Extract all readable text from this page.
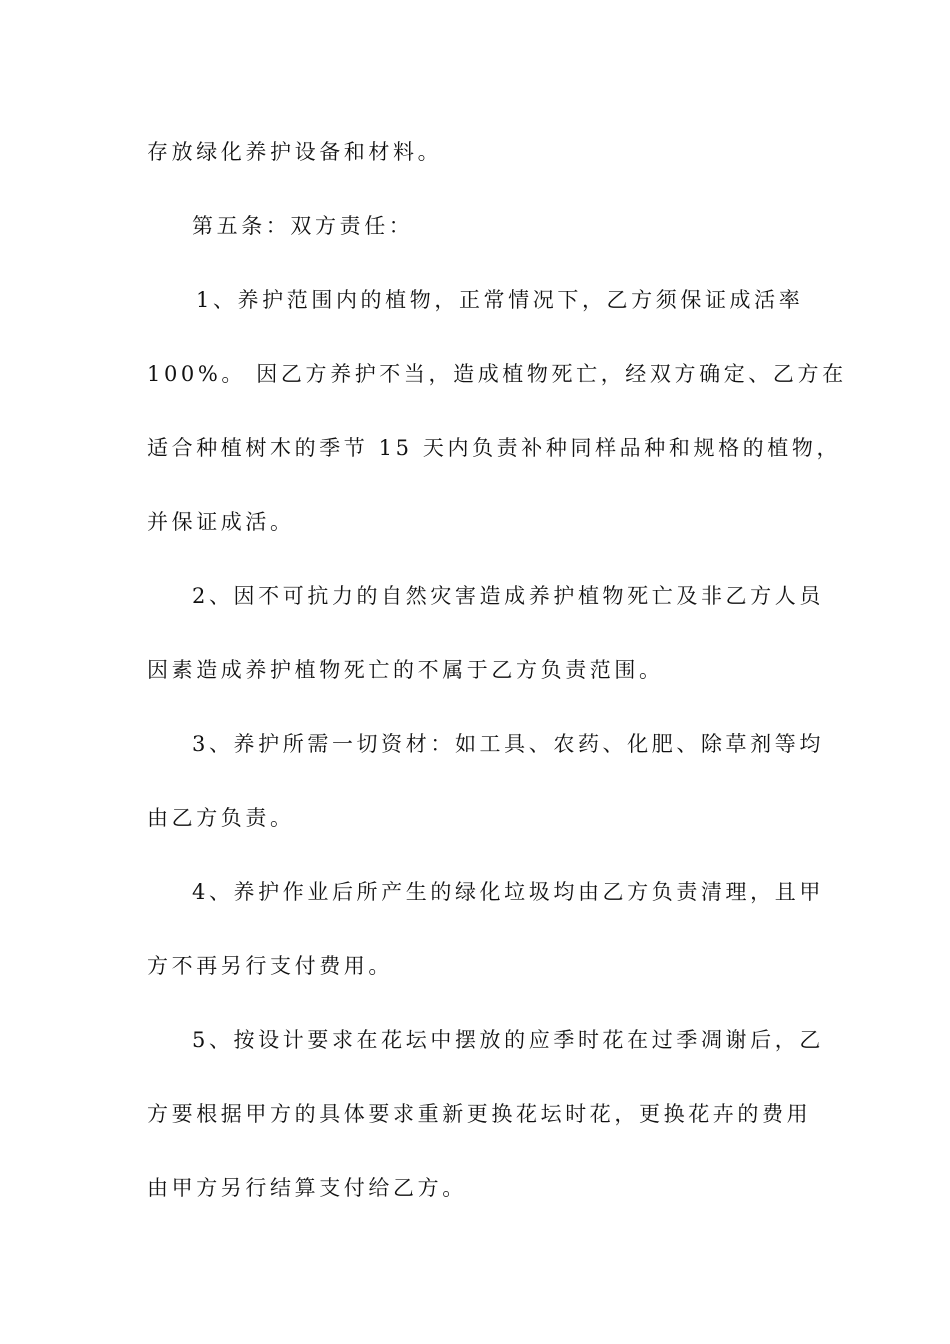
存放绿化养护设备和材料。
第五条：双方责任：
1、养护范围内的植物，正常情况下，乙方须保证成活率
100%。 因乙方养护不当，造成植物死亡，经双方确定、乙方在
适合种植树木的季节 15 天内负责补种同样品种和规格的植物，
并保证成活。
2、因不可抗力的自然灾害造成养护植物死亡及非乙方人员
因素造成养护植物死亡的不属于乙方负责范围。
3、养护所需一切资材：如工具、农药、化肥、除草剂等均
由乙方负责。
4、养护作业后所产生的绿化垃圾均由乙方负责清理，且甲
方不再另行支付费用。
5、按设计要求在花坛中摆放的应季时花在过季凋谢后，乙
方要根据甲方的具体要求重新更换花坛时花，更换花卉的费用
由甲方另行结算支付给乙方。
